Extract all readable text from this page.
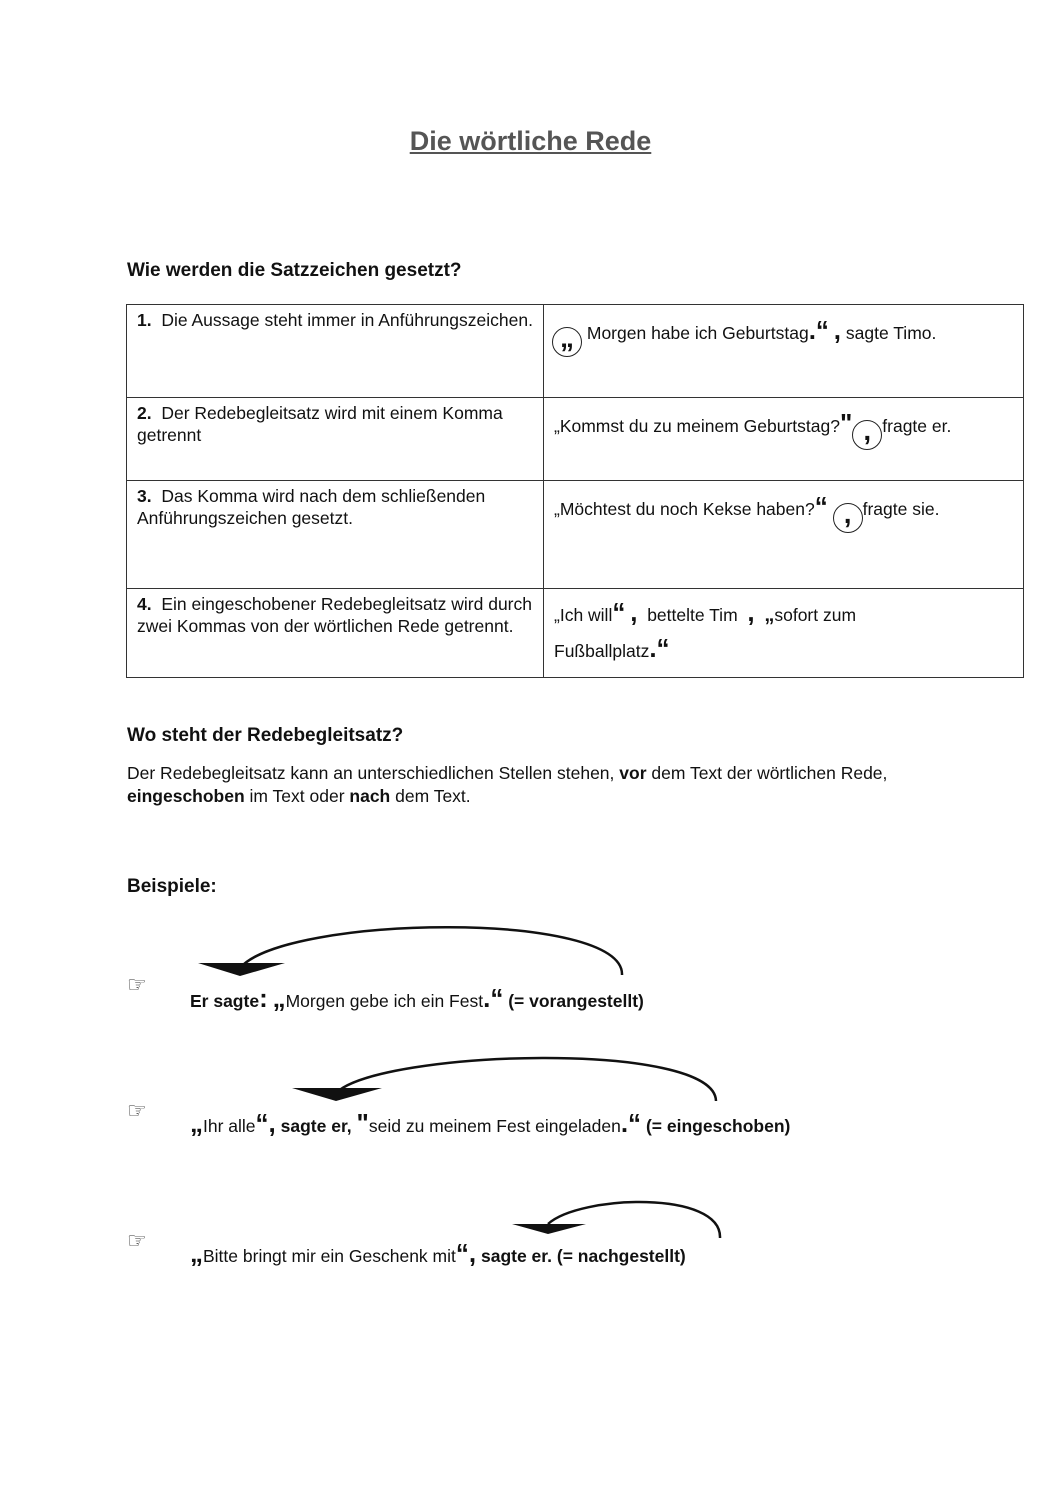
Die wörtliche Rede
Wie werden die Satzzeichen gesetzt?
1. Die Aussage steht immer in Anführungszeichen.	„ Morgen habe ich Geburtstag.“ , sagte Timo.

2. Der Redebegleitsatz wird mit einem Komma getrennt	„Kommst du zu meinem Geburtstag?" , fragte er.

3. Das Komma wird nach dem schließenden Anführungszeichen gesetzt.	„Möchtest du noch Kekse haben?“ , fragte sie.

4. Ein eingeschobener Redebegleitsatz wird durch zwei Kommas von der wörtlichen Rede getrennt.	„Ich will“ , bettelte Tim , „sofort zum
Fußballplatz.“
Wo steht der Redebegleitsatz?
Der Redebegleitsatz kann an unterschiedlichen Stellen stehen, vor dem Text der wörtlichen Rede, eingeschoben im Text oder nach dem Text.
Beispiele:
☞
Er sagte: „Morgen gebe ich ein Fest.“ (= vorangestellt)
☞ „Ihr alle“, sagte er, "seid zu meinem Fest eingeladen.“ (= eingeschoben)
☞ „Bitte bringt mir ein Geschenk mit“, sagte er. (= nachgestellt)
